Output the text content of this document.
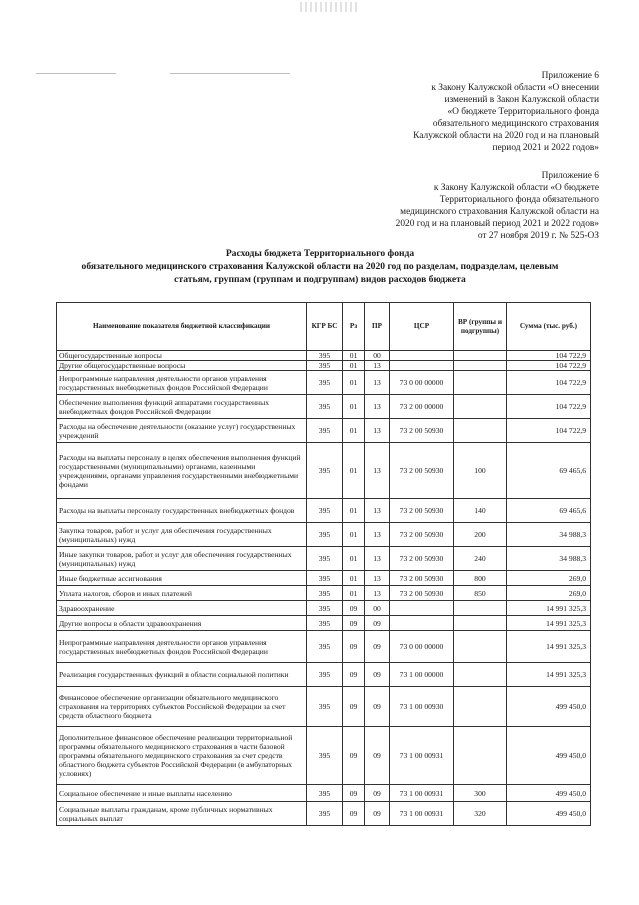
Приложение 6
к Закону Калужской области «О внесении
изменений в Закон Калужской области
«О бюджете Территориального фонда
обязательного медицинского страхования
Калужской области на 2020 год и на плановый
период 2021 и 2022 годов»
Приложение 6
к Закону Калужской области «О бюджете
Территориального фонда обязательного
медицинского страхования Калужской области на
2020 год и на плановый период 2021 и 2022 годов»
от 27 ноября 2019 г. № 525-ОЗ
Расходы бюджета Территориального фонда
обязательного медицинского страхования Калужской области на 2020 год по разделам, подразделам, целевым
статьям, группам (группам и подгруппам) видов расходов бюджета
Наименование показателя бюджетной классификации	КГР БС	Рз	ПР	ЦСР	ВР (группы и подгруппы)	Сумма (тыс. руб.)
Общегосударственные вопросы	395	01	00			104 722,9
Другие общегосударственные вопросы	395	01	13			104 722,9
Непрограммные направления деятельности органов управления государственных внебюджетных фондов Российской Федерации	395	01	13	73 0 00 00000		104 722,9
Обеспечение выполнения функций аппаратами государственных внебюджетных фондов Российской Федерации	395	01	13	73 2 00 00000		104 722,9
Расходы на обеспечение деятельности (оказание услуг) государственных учреждений	395	01	13	73 2 00 50930		104 722,9
Расходы на выплаты персоналу в целях обеспечения выполнения функций государственными (муниципальными) органами, казенными учреждениями, органами управления государственными внебюджетными фондами	395	01	13	73 2 00 50930	100	69 465,6
Расходы на выплаты персоналу государственных внебюджетных фондов	395	01	13	73 2 00 50930	140	69 465,6
Закупка товаров, работ и услуг для обеспечения государственных (муниципальных) нужд	395	01	13	73 2 00 50930	200	34 988,3
Иные закупки товаров, работ и услуг для обеспечения государственных (муниципальных) нужд	395	01	13	73 2 00 50930	240	34 988,3
Иные бюджетные ассигнования	395	01	13	73 2 00 50930	800	269,0
Уплата налогов, сборов и иных платежей	395	01	13	73 2 00 50930	850	269,0
Здравоохранение	395	09	00			14 991 325,3
Другие вопросы в области здравоохранения	395	09	09			14 991 325,3
Непрограммные направления деятельности органов управления государственных внебюджетных фондов Российской Федерации	395	09	09	73 0 00 00000		14 991 325,3
Реализация государственных функций в области социальной политики	395	09	09	73 1 00 00000		14 991 325,3
Финансовое обеспечение организации обязательного медицинского страхования на территориях субъектов Российской Федерации за счет средств областного бюджета	395	09	09	73 1 00 00930		499 450,0
Дополнительное финансовое обеспечение реализации территориальной программы обязательного медицинского страхования в части базовой программы обязательного медицинского страхования за счет средств областного бюджета субъектов Российской Федерации (в амбулаторных условиях)	395	09	09	73 1 00 00931		499 450,0
Социальное обеспечение и иные выплаты населению	395	09	09	73 1 00 00931	300	499 450,0
Социальные выплаты гражданам, кроме публичных нормативных социальных выплат	395	09	09	73 1 00 00931	320	499 450,0
